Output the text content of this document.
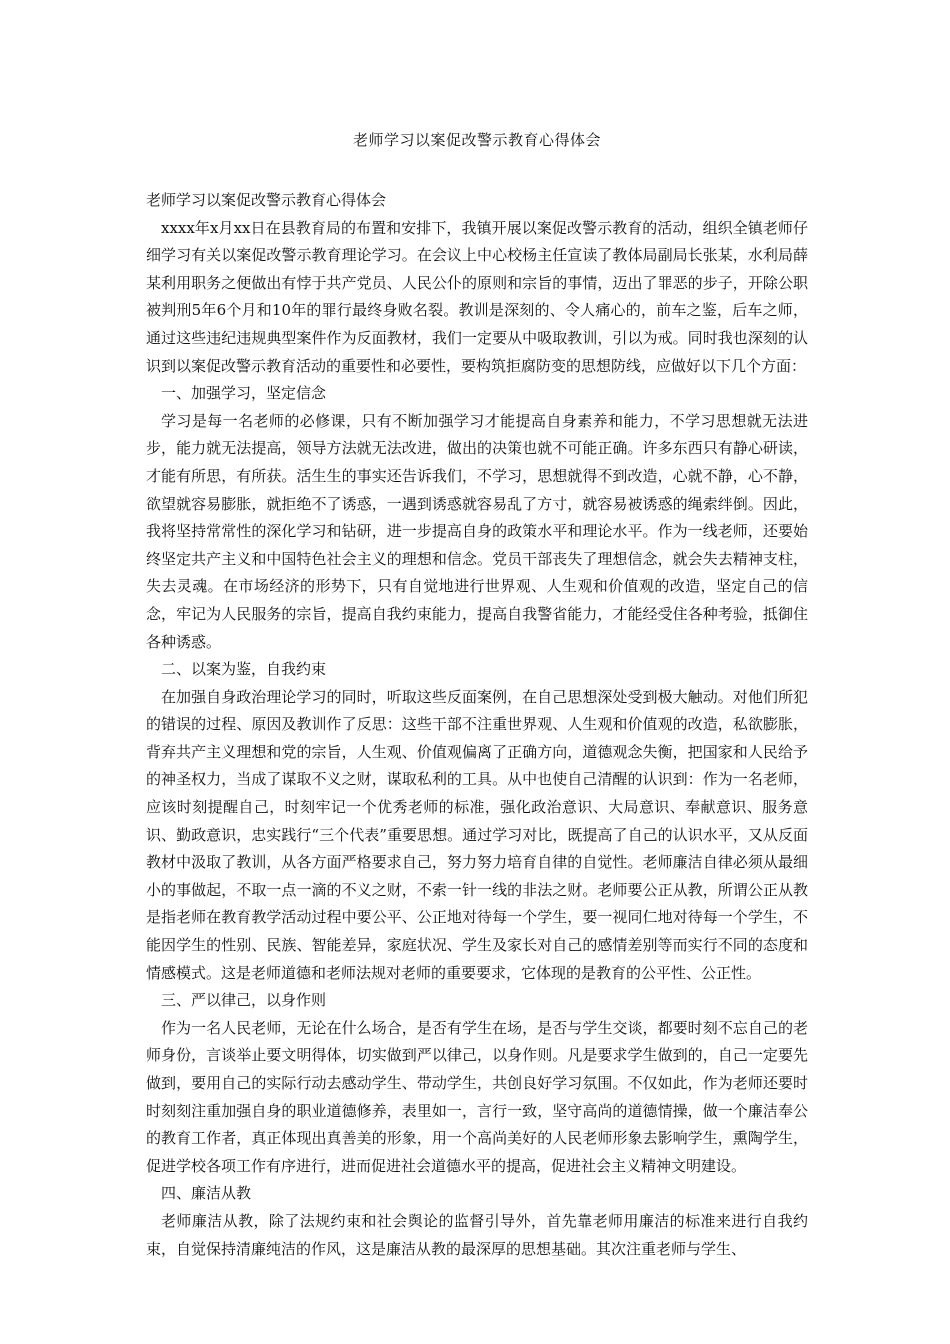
老师学习以案促改警示教育心得体会

老师学习以案促改警示教育心得体会

xxxx年x月xx日在县教育局的布置和安排下，我镇开展以案促改警示教育的活动，组织全镇老师仔细学习有关以案促改警示教育理论学习。在会议上中心校杨主任宣读了教体局副局长张某，水利局薛某利用职务之便做出有悖于共产党员、人民公仆的原则和宗旨的事情，迈出了罪恶的步子，开除公职被判刑5年6个月和10年的罪行最终身败名裂。教训是深刻的、令人痛心的，前车之鉴，后车之师，通过这些违纪违规典型案件作为反面教材，我们一定要从中吸取教训，引以为戒。同时我也深刻的认识到以案促改警示教育活动的重要性和必要性，要构筑拒腐防变的思想防线，应做好以下几个方面：

一、加强学习，坚定信念

学习是每一名老师的必修课，只有不断加强学习才能提高自身素养和能力，不学习思想就无法进步，能力就无法提高，领导方法就无法改进，做出的决策也就不可能正确。许多东西只有静心研读，才能有所思，有所获。活生生的事实还告诉我们，不学习，思想就得不到改造，心就不静，心不静，欲望就容易膨胀，就拒绝不了诱惑，一遇到诱惑就容易乱了方寸，就容易被诱惑的绳索绊倒。因此，我将坚持常常性的深化学习和钻研，进一步提高自身的政策水平和理论水平。作为一线老师，还要始终坚定共产主义和中国特色社会主义的理想和信念。党员干部丧失了理想信念，就会失去精神支柱，失去灵魂。在市场经济的形势下，只有自觉地进行世界观、人生观和价值观的改造，坚定自己的信念，牢记为人民服务的宗旨，提高自我约束能力，提高自我警省能力，才能经受住各种考验，抵御住各种诱惑。

二、以案为鉴，自我约束

在加强自身政治理论学习的同时，听取这些反面案例，在自己思想深处受到极大触动。对他们所犯的错误的过程、原因及教训作了反思：这些干部不注重世界观、人生观和价值观的改造，私欲膨胀，背弃共产主义理想和党的宗旨，人生观、价值观偏离了正确方向，道德观念失衡，把国家和人民给予的神圣权力，当成了谋取不义之财，谋取私利的工具。从中也使自己清醒的认识到：作为一名老师，应该时刻提醒自己，时刻牢记一个优秀老师的标准，强化政治意识、大局意识、奉献意识、服务意识、勤政意识，忠实践行“三个代表”重要思想。通过学习对比，既提高了自己的认识水平，又从反面教材中汲取了教训，从各方面严格要求自己，努力努力培育自律的自觉性。老师廉洁自律必须从最细小的事做起，不取一点一滴的不义之财，不索一针一线的非法之财。老师要公正从教，所谓公正从教是指老师在教育教学活动过程中要公平、公正地对待每一个学生，要一视同仁地对待每一个学生，不能因学生的性别、民族、智能差异，家庭状况、学生及家长对自己的感情差别等而实行不同的态度和情感模式。这是老师道德和老师法规对老师的重要要求，它体现的是教育的公平性、公正性。

三、严以律己，以身作则

作为一名人民老师，无论在什么场合，是否有学生在场，是否与学生交谈，都要时刻不忘自己的老师身份，言谈举止要文明得体，切实做到严以律己，以身作则。凡是要求学生做到的，自己一定要先做到，要用自己的实际行动去感动学生、带动学生，共创良好学习氛围。不仅如此，作为老师还要时时刻刻注重加强自身的职业道德修养，表里如一，言行一致，坚守高尚的道德情操，做一个廉洁奉公的教育工作者，真正体现出真善美的形象，用一个高尚美好的人民老师形象去影响学生，熏陶学生，促进学校各项工作有序进行，进而促进社会道德水平的提高，促进社会主义精神文明建设。

四、廉洁从教

老师廉洁从教，除了法规约束和社会舆论的监督引导外，首先靠老师用廉洁的标准来进行自我约束，自觉保持清廉纯洁的作风，这是廉洁从教的最深厚的思想基础。其次注重老师与学生、
